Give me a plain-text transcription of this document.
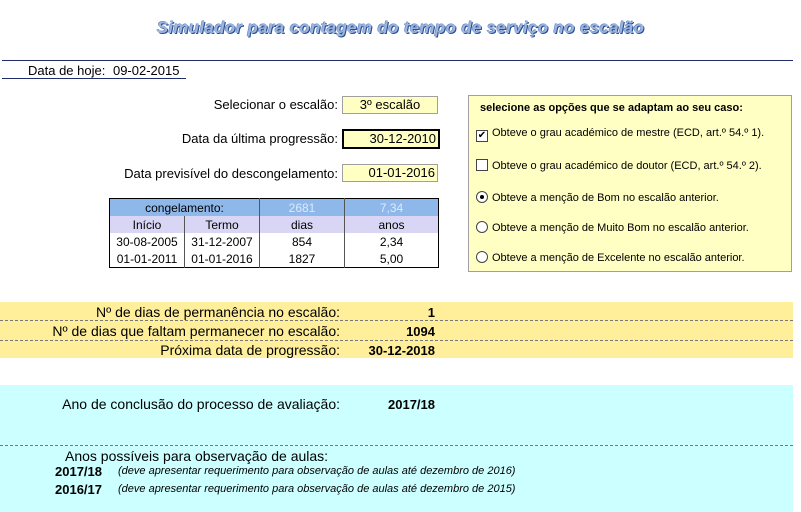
Simulador para contagem do tempo de serviço no escalão
Data de hoje: 09-02-2015
Selecionar o escalão:	3º escalão
Data da última progressão:	30-12-2010
Data previsível do descongelamento:	01-01-2016
congelamento:		2681	7,34
Início	Termo	dias	anos
30-08-2005	31-12-2007	854	2,34
01-01-2011	01-01-2016	1827	5,00
selecione as opções que se adaptam ao seu caso:
✔ Obteve o grau académico de mestre (ECD, art.º 54.º 1).
Obteve o grau académico de doutor (ECD, art.º 54.º 2).
Obteve a menção de Bom no escalão anterior.
Obteve a menção de Muito Bom no escalão anterior.
Obteve a menção de Excelente no escalão anterior.
Nº de dias de permanência no escalão:	1
Nº de dias que faltam permanecer no escalão:	1094
Próxima data de progressão:	30-12-2018
Ano de conclusão do processo de avaliação:	2017/18
Anos possíveis para observação de aulas:
2017/18 (deve apresentar requerimento para observação de aulas até dezembro de 2016)
2016/17 (deve apresentar requerimento para observação de aulas até dezembro de 2015)
